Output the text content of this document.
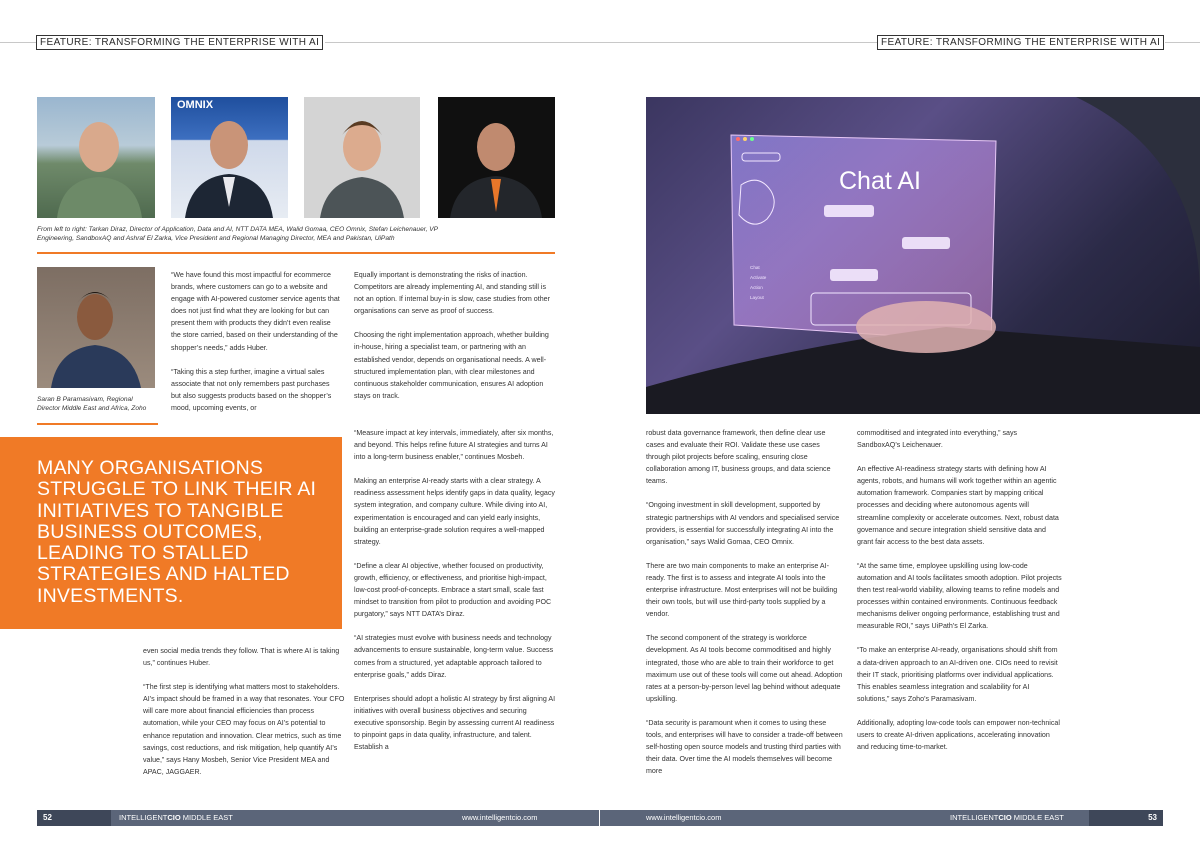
FEATURE: TRANSFORMING THE ENTERPRISE WITH AI	FEATURE: TRANSFORMING THE ENTERPRISE WITH AI
OMNIX
From left to right: Tarkan Diraz, Director of Application, Data and AI, NTT DATA MEA, Walid Gomaa, CEO Omnix, Stefan Leichenauer, VP Engineering, SandboxAQ and Ashraf El Zarka, Vice President and Regional Managing Director, MEA and Pakistan, UiPath
Saran B Paramasivam, Regional Director Middle East and Africa, Zoho

“We have found this most impactful for ecommerce brands, where customers can go to a website and engage with AI-powered customer service agents that does not just find what they are looking for but can present them with products they didn’t even realise the store carried, based on their understanding of the shopper’s needs,” adds Huber.

“Taking this a step further, imagine a virtual sales associate that not only remembers past purchases but also suggests products based on the shopper’s mood, upcoming events, or

MANY ORGANISATIONS STRUGGLE TO LINK THEIR AI INITIATIVES TO TANGIBLE BUSINESS OUTCOMES, LEADING TO STALLED STRATEGIES AND HALTED INVESTMENTS.

even social media trends they follow. That is where AI is taking us,” continues Huber.

“The first step is identifying what matters most to stakeholders. AI’s impact should be framed in a way that resonates. Your CFO will care more about financial efficiencies than process automation, while your CEO may focus on AI’s potential to enhance reputation and innovation. Clear metrics, such as time savings, cost reductions, and risk mitigation, help quantify AI’s value,” says Hany Mosbeh, Senior Vice President MEA and APAC, JAGGAER.

Equally important is demonstrating the risks of inaction. Competitors are already implementing AI, and standing still is not an option. If internal buy-in is slow, case studies from other organisations can serve as proof of success.

Choosing the right implementation approach, whether building in-house, hiring a specialist team, or partnering with an established vendor, depends on organisational needs. A well-structured implementation plan, with clear milestones and continuous stakeholder communication, ensures AI adoption stays on track.

“Measure impact at key intervals, immediately, after six months, and beyond. This helps refine future AI strategies and turns AI into a long-term business enabler,” continues Mosbeh.

Making an enterprise AI-ready starts with a clear strategy. A readiness assessment helps identify gaps in data quality, legacy system integration, and company culture. While diving into AI, experimentation is encouraged and can yield early insights, building an enterprise-grade solution requires a well-mapped strategy.

“Define a clear AI objective, whether focused on productivity, growth, efficiency, or effectiveness, and prioritise high-impact, low-cost proof-of-concepts. Embrace a start small, scale fast mindset to transition from pilot to production and avoiding POC purgatory,” says NTT DATA’s Diraz.

“AI strategies must evolve with business needs and technology advancements to ensure sustainable, long-term value. Success comes from a structured, yet adaptable approach tailored to enterprise goals,” adds Diraz.

Enterprises should adopt a holistic AI strategy by first aligning AI initiatives with overall business objectives and securing executive sponsorship. Begin by assessing current AI readiness to pinpoint gaps in data quality, infrastructure, and talent. Establish a

Chat AI
Chat
Activate
Action
Layout

robust data governance framework, then define clear use cases and evaluate their ROI. Validate these use cases through pilot projects before scaling, ensuring close collaboration among IT, business groups, and data science teams.

“Ongoing investment in skill development, supported by strategic partnerships with AI vendors and specialised service providers, is essential for successfully integrating AI into the organisation,” says Walid Gomaa, CEO Omnix.

There are two main components to make an enterprise AI-ready. The first is to assess and integrate AI tools into the enterprise infrastructure. Most enterprises will not be building their own tools, but will use third-party tools supplied by a vendor.

The second component of the strategy is workforce development. As AI tools become commoditised and highly integrated, those who are able to train their workforce to get maximum use out of these tools will come out ahead. Adoption rates at a person-by-person level lag behind without adequate upskilling.

“Data security is paramount when it comes to using these tools, and enterprises will have to consider a trade-off between self-hosting open source models and trusting third parties with their data. Over time the AI models themselves will become more

commoditised and integrated into everything,” says SandboxAQ’s Leichenauer.

An effective AI-readiness strategy starts with defining how AI agents, robots, and humans will work together within an agentic automation framework. Companies start by mapping critical processes and deciding where autonomous agents will streamline complexity or accelerate outcomes. Next, robust data governance and secure integration shield sensitive data and grant fair access to the best data assets.

“At the same time, employee upskilling using low-code automation and AI tools facilitates smooth adoption. Pilot projects then test real-world viability, allowing teams to refine models and processes within contained environments. Continuous feedback mechanisms deliver ongoing performance, establishing trust and measurable ROI,” says UiPath’s El Zarka.

“To make an enterprise AI-ready, organisations should shift from a data-driven approach to an AI-driven one. CIOs need to revisit their IT stack, prioritising platforms over individual applications. This enables seamless integration and scalability for AI solutions,” says Zoho’s Paramasivam.

Additionally, adopting low-code tools can empower non-technical users to create AI-driven applications, accelerating innovation and reducing time-to-market.

INTELLIGENTCIO MIDDLE EAST	www.intelligentcio.com
52	www.intelligentcio.com	INTELLIGENTCIO MIDDLE EAST	53
